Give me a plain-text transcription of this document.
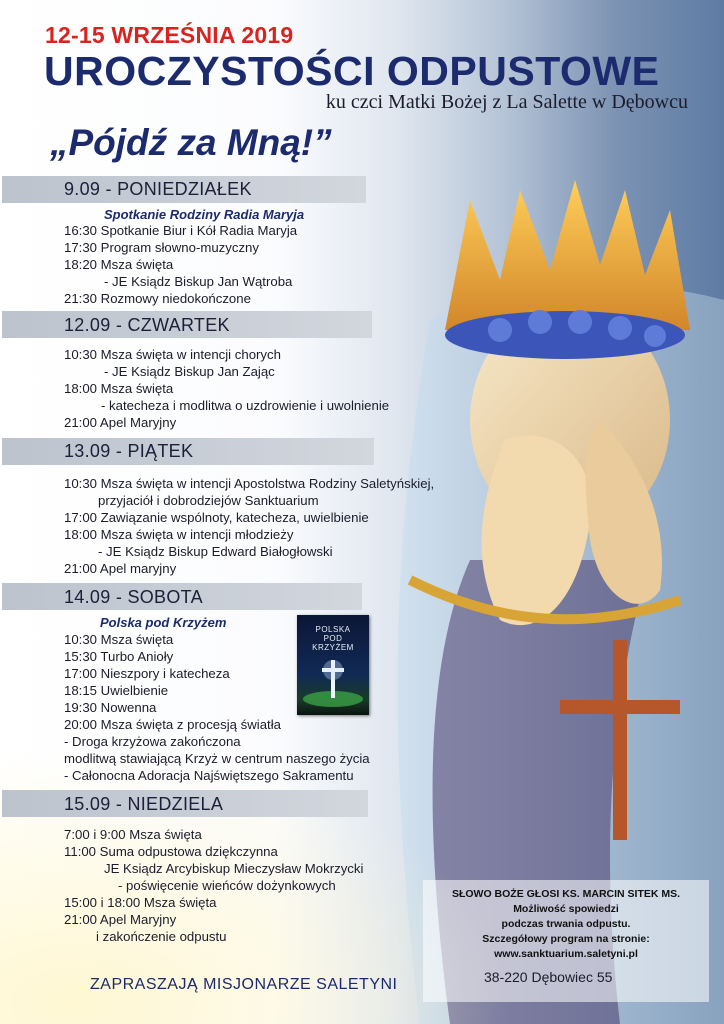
12-15 WRZEŚNIA 2019
UROCZYSTOŚCI ODPUSTOWE
ku czci Matki Bożej z La Salette w Dębowcu
„Pójdź za Mną!”
9.09 - PONIEDZIAŁEK
Spotkanie Rodziny Radia Maryja
16:30 Spotkanie Biur i Kół Radia Maryja
17:30 Program słowno-muzyczny
18:20 Msza święta
- JE Ksiądz Biskup Jan Wątroba
21:30 Rozmowy niedokończone
12.09 - CZWARTEK
10:30 Msza święta w intencji chorych
- JE Ksiądz Biskup Jan Zając
18:00 Msza święta
- katecheza i modlitwa o uzdrowienie i uwolnienie
21:00 Apel Maryjny
13.09 - PIĄTEK
10:30 Msza święta w intencji Apostolstwa Rodziny Saletyńskiej,
przyjaciół i dobrodziejów Sanktuarium
17:00 Zawiązanie wspólnoty, katecheza, uwielbienie
18:00 Msza święta w intencji młodzieży
- JE Ksiądz Biskup Edward Białogłowski
21:00 Apel maryjny
14.09 - SOBOTA
Polska pod Krzyżem
10:30 Msza święta
15:30 Turbo Anioły
17:00 Nieszpory i katecheza
18:15 Uwielbienie
19:30 Nowenna
20:00 Msza święta z procesją światła
- Droga krzyżowa zakończona
modlitwą stawiającą Krzyż w centrum naszego życia
- Całonocna Adoracja Najświętszego Sakramentu
POLSKA
POD
KRZYŻEM
15.09 - NIEDZIELA
7:00 i 9:00 Msza święta
11:00 Suma odpustowa dziękczynna
JE Ksiądz Arcybiskup Mieczysław Mokrzycki
- poświęcenie wieńców dożynkowych
15:00 i 18:00 Msza święta
21:00 Apel Maryjny
i zakończenie odpustu
SŁOWO BOŻE GŁOSI KS. MARCIN SITEK MS.
Możliwość spowiedzi
podczas trwania odpustu.
Szczegółowy program na stronie:
www.sanktuarium.saletyni.pl
38-220 Dębowiec 55
ZAPRASZAJĄ MISJONARZE SALETYNI
